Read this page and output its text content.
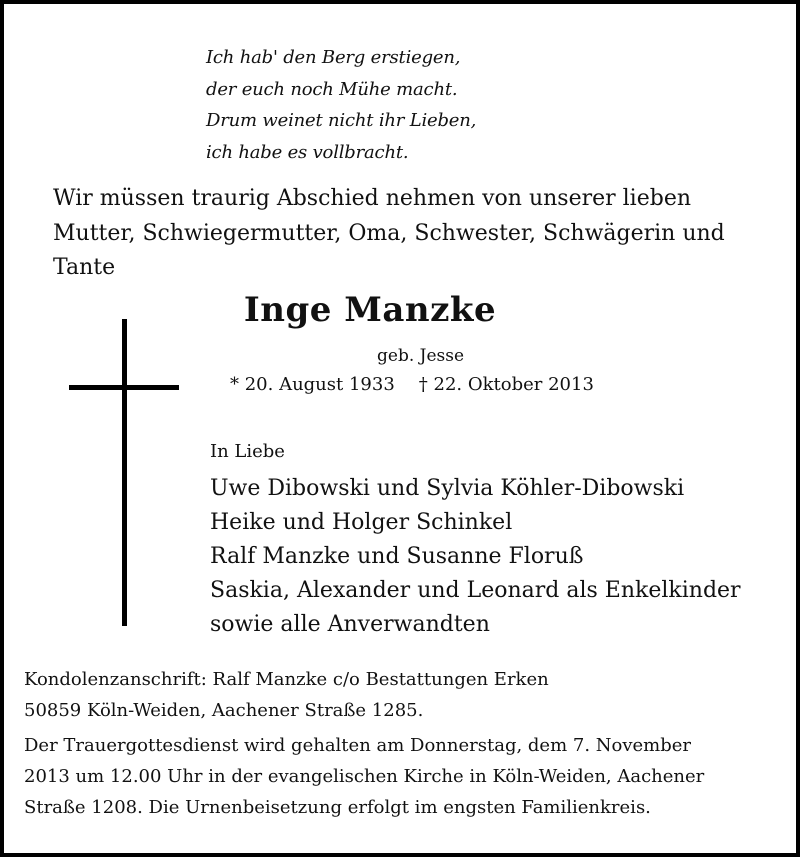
Ich hab' den Berg erstiegen,
der euch noch Mühe macht.
Drum weinet nicht ihr Lieben,
ich habe es vollbracht.
Wir müssen traurig Abschied nehmen von unserer lieben
Mutter, Schwiegermutter, Oma, Schwester, Schwägerin und
Tante
Inge Manzke
geb. Jesse
* 20. August 1933 † 22. Oktober 2013
In Liebe
Uwe Dibowski und Sylvia Köhler-Dibowski
Heike und Holger Schinkel
Ralf Manzke und Susanne Floruß
Saskia, Alexander und Leonard als Enkelkinder
sowie alle Anverwandten
Kondolenzanschrift: Ralf Manzke c/o Bestattungen Erken
50859 Köln-Weiden, Aachener Straße 1285.
Der Trauergottesdienst wird gehalten am Donnerstag, dem 7. November
2013 um 12.00 Uhr in der evangelischen Kirche in Köln-Weiden, Aachener
Straße 1208. Die Urnenbeisetzung erfolgt im engsten Familienkreis.
